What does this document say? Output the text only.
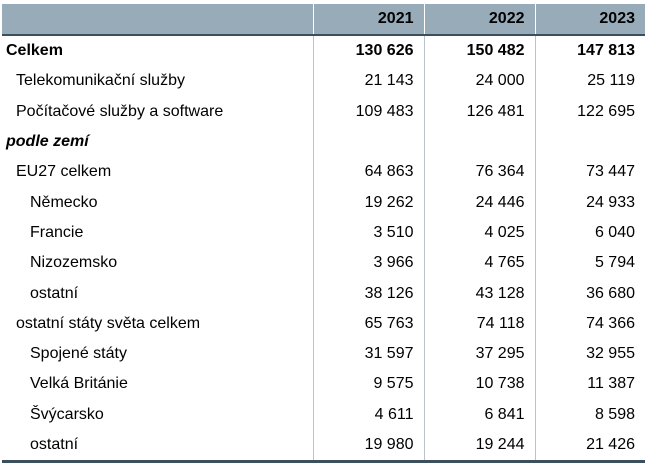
	2021	2022	2023
Celkem	130 626	150 482	147 813
Telekomunikační služby	21 143	24 000	25 119
Počítačové služby a software	109 483	126 481	122 695
podle zemí			
EU27 celkem	64 863	76 364	73 447
Německo	19 262	24 446	24 933
Francie	3 510	4 025	6 040
Nizozemsko	3 966	4 765	5 794
ostatní	38 126	43 128	36 680
ostatní státy světa celkem	65 763	74 118	74 366
Spojené státy	31 597	37 295	32 955
Velká Británie	9 575	10 738	11 387
Švýcarsko	4 611	6 841	8 598
ostatní	19 980	19 244	21 426
